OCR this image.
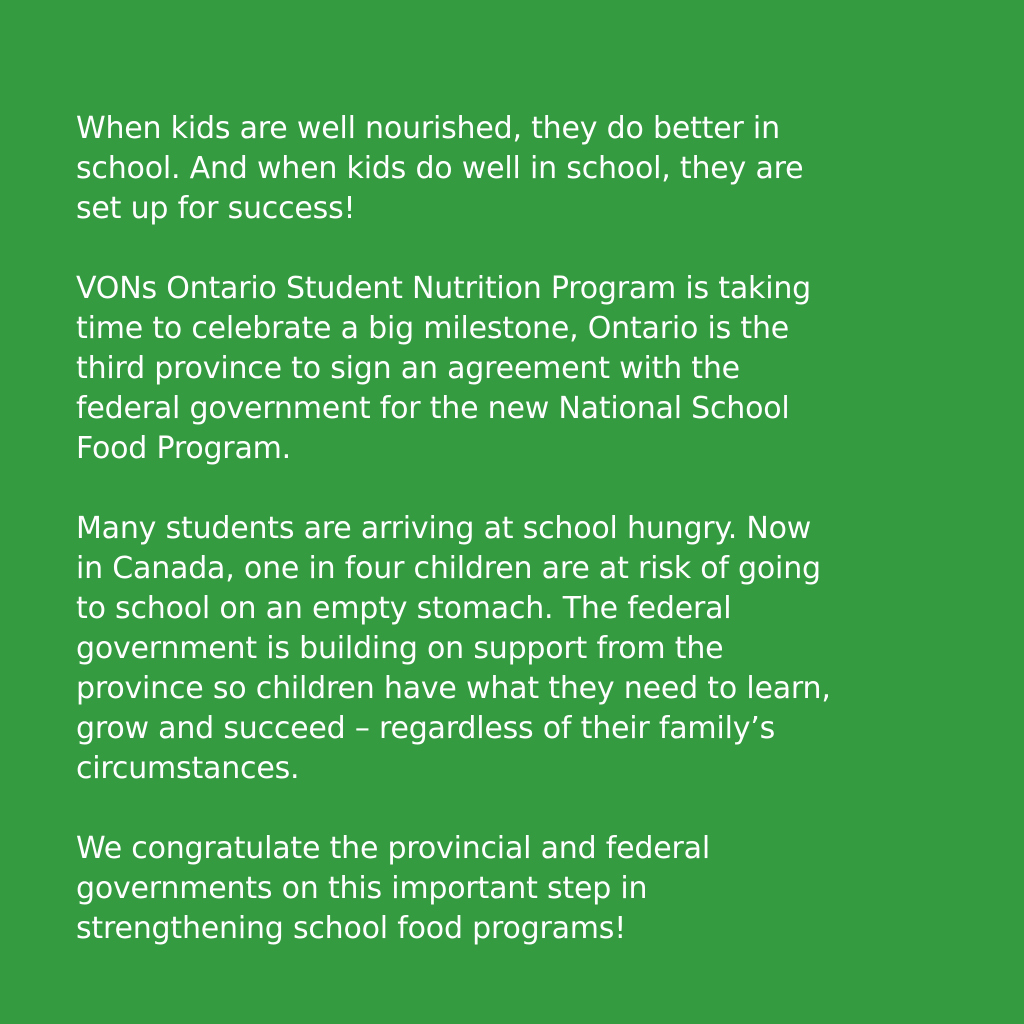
When kids are well nourished, they do better in
school. And when kids do well in school, they are
set up for success!

VONs Ontario Student Nutrition Program is taking
time to celebrate a big milestone, Ontario is the
third province to sign an agreement with the
federal government for the new National School
Food Program.

Many students are arriving at school hungry. Now
in Canada, one in four children are at risk of going
to school on an empty stomach. The federal
government is building on support from the
province so children have what they need to learn,
grow and succeed – regardless of their family’s
circumstances.

We congratulate the provincial and federal
governments on this important step in
strengthening school food programs!
